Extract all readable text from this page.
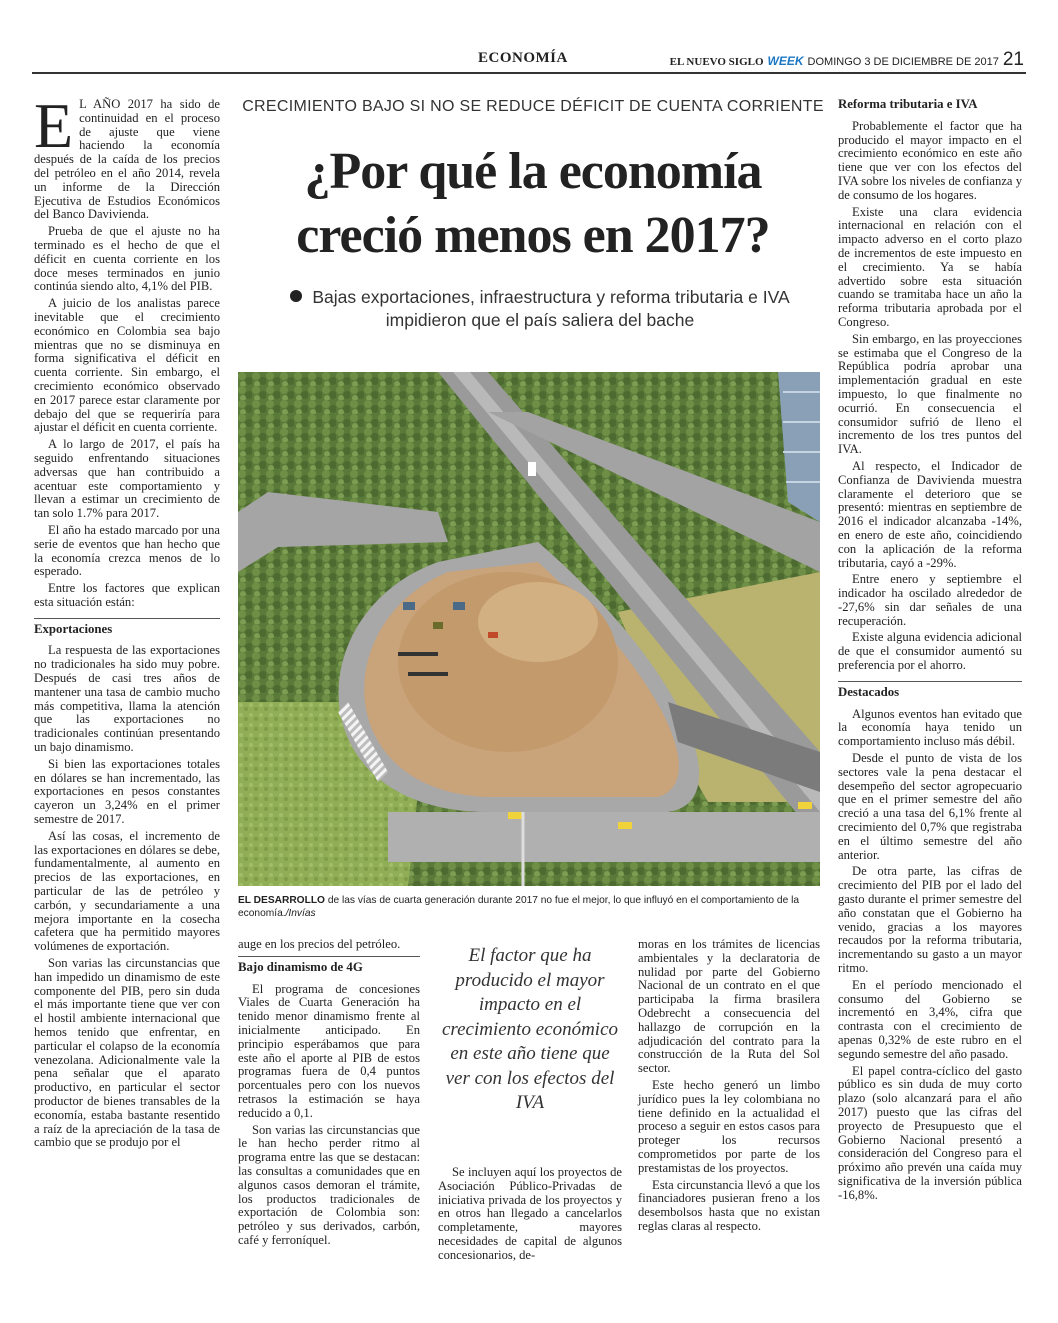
ECONOMÍA	EL NUEVO SIGLO WEEK DOMINGO 3 DE DICIEMBRE DE 2017 21

E L AÑO 2017 ha sido de continuidad en el proceso de ajuste que viene haciendo la economía después de la caída de los precios del petróleo en el año 2014, revela un informe de la Dirección Ejecutiva de Estudios Económicos del Banco Davivienda.

Prueba de que el ajuste no ha terminado es el hecho de que el déficit en cuenta corriente en los doce meses terminados en junio continúa siendo alto, 4,1% del PIB.

A juicio de los analistas parece inevitable que el crecimiento económico en Colombia sea bajo mientras que no se disminuya en forma significativa el déficit en cuenta corriente. Sin embargo, el crecimiento económico observado en 2017 parece estar claramente por debajo del que se requeriría para ajustar el déficit en cuenta corriente.

A lo largo de 2017, el país ha seguido enfrentando situaciones adversas que han contribuido a acentuar este comportamiento y llevan a estimar un crecimiento de tan solo 1.7% para 2017.

El año ha estado marcado por una serie de eventos que han hecho que la economía crezca menos de lo esperado.

Entre los factores que explican esta situación están:

Exportaciones

La respuesta de las exportaciones no tradicionales ha sido muy pobre. Después de casi tres años de mantener una tasa de cambio mucho más competitiva, llama la atención que las exportaciones no tradicionales continúan presentando un bajo dinamismo.

Si bien las exportaciones totales en dólares se han incrementado, las exportaciones en pesos constantes cayeron un 3,24% en el primer semestre de 2017.

Así las cosas, el incremento de las exportaciones en dólares se debe, fundamentalmente, al aumento en precios de las exportaciones, en particular de las de petróleo y carbón, y secundariamente a una mejora importante en la cosecha cafetera que ha permitido mayores volúmenes de exportación.

Son varias las circunstancias que han impedido un dinamismo de este componente del PIB, pero sin duda el más importante tiene que ver con el hostil ambiente internacional que hemos tenido que enfrentar, en particular el colapso de la economía venezolana. Adicionalmente vale la pena señalar que el aparato productivo, en particular el sector productor de bienes transables de la economía, estaba bastante resentido a raíz de la apreciación de la tasa de cambio que se produjo por el

CRECIMIENTO BAJO SI NO SE REDUCE DÉFICIT DE CUENTA CORRIENTE
¿Por qué la economía
creció menos en 2017?
Bajas exportaciones, infraestructura y reforma tributaria e IVA impidieron que el país saliera del bache
EL DESARROLLO de las vías de cuarta generación durante 2017 no fue el mejor, lo que influyó en el comportamiento de la economía./Invías

auge en los precios del petróleo.

Bajo dinamismo de 4G

El programa de concesiones Viales de Cuarta Generación ha tenido menor dinamismo frente al inicialmente anticipado. En principio esperábamos que para este año el aporte al PIB de estos programas fuera de 0,4 puntos porcentuales pero con los nuevos retrasos la estimación se haya reducido a 0,1.

Son varias las circunstancias que le han hecho perder ritmo al programa entre las que se destacan: las consultas a comunidades que en algunos casos demoran el trámite, los productos tradicionales de exportación de Colombia son: petróleo y sus derivados, carbón, café y ferroníquel.

El factor que ha producido el mayor impacto en el crecimiento económico en este año tiene que ver con los efectos del IVA

Se incluyen aquí los proyectos de Asociación Público-Privadas de iniciativa privada de los proyectos y en otros han llegado a cancelarlos completamente, mayores necesidades de capital de algunos concesionarios, de-

moras en los trámites de licencias ambientales y la declaratoria de nulidad por parte del Gobierno Nacional de un contrato en el que participaba la firma brasilera Odebrecht a consecuencia del hallazgo de corrupción en la adjudicación del contrato para la construcción de la Ruta del Sol sector.

Este hecho generó un limbo jurídico pues la ley colombiana no tiene definido en la actualidad el proceso a seguir en estos casos para proteger los recursos comprometidos por parte de los prestamistas de los proyectos.

Esta circunstancia llevó a que los financiadores pusieran freno a los desembolsos hasta que no existan reglas claras al respecto.

Reforma tributaria e IVA

Probablemente el factor que ha producido el mayor impacto en el crecimiento económico en este año tiene que ver con los efectos del IVA sobre los niveles de confianza y de consumo de los hogares.

Existe una clara evidencia internacional en relación con el impacto adverso en el corto plazo de incrementos de este impuesto en el crecimiento. Ya se había advertido sobre esta situación cuando se tramitaba hace un año la reforma tributaria aprobada por el Congreso.

Sin embargo, en las proyecciones se estimaba que el Congreso de la República podría aprobar una implementación gradual en este impuesto, lo que finalmente no ocurrió. En consecuencia el consumidor sufrió de lleno el incremento de los tres puntos del IVA.

Al respecto, el Indicador de Confianza de Davivienda muestra claramente el deterioro que se presentó: mientras en septiembre de 2016 el indicador alcanzaba -14%, en enero de este año, coincidiendo con la aplicación de la reforma tributaria, cayó a -29%.

Entre enero y septiembre el indicador ha oscilado alrededor de -27,6% sin dar señales de una recuperación.

Existe alguna evidencia adicional de que el consumidor aumentó su preferencia por el ahorro.

Destacados

Algunos eventos han evitado que la economía haya tenido un comportamiento incluso más débil.

Desde el punto de vista de los sectores vale la pena destacar el desempeño del sector agropecuario que en el primer semestre del año creció a una tasa del 6,1% frente al crecimiento del 0,7% que registraba en el último semestre del año anterior.

De otra parte, las cifras de crecimiento del PIB por el lado del gasto durante el primer semestre del año constatan que el Gobierno ha venido, gracias a los mayores recaudos por la reforma tributaria, incrementando su gasto a un mayor ritmo.

En el período mencionado el consumo del Gobierno se incrementó en 3,4%, cifra que contrasta con el crecimiento de apenas 0,32% de este rubro en el segundo semestre del año pasado.

El papel contra-cíclico del gasto público es sin duda de muy corto plazo (solo alcanzará para el año 2017) puesto que las cifras del proyecto de Presupuesto que el Gobierno Nacional presentó a consideración del Congreso para el próximo año prevén una caída muy significativa de la inversión pública -16,8%.
